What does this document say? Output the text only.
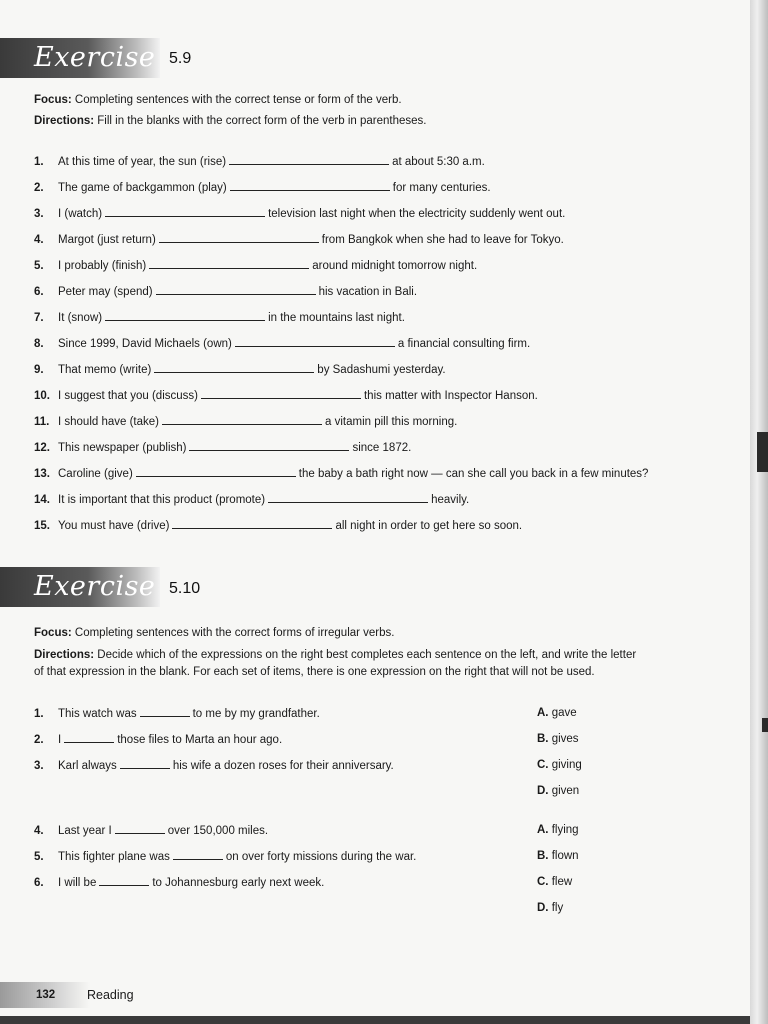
Exercise 5.9
Focus: Completing sentences with the correct tense or form of the verb.
Directions: Fill in the blanks with the correct form of the verb in parentheses.
1. At this time of year, the sun (rise)	at about 5:30 a.m.
2. The game of backgammon (play)	for many centuries.
3. I (watch)	television last night when the electricity suddenly went out.
4. Margot (just return)	from Bangkok when she had to leave for Tokyo.
5. I probably (finish)	around midnight tomorrow night.
6. Peter may (spend)	his vacation in Bali.
7. It (snow)	in the mountains last night.
8. Since 1999, David Michaels (own)	a financial consulting firm.
9. That memo (write)	by Sadashumi yesterday.
10. I suggest that you (discuss)	this matter with Inspector Hanson.
11. I should have (take)	a vitamin pill this morning.
12. This newspaper (publish)	since 1872.
13. Caroline (give)	the baby a bath right now — can she call you back in a few minutes?
14. It is important that this product (promote)	heavily.
15. You must have (drive)	all night in order to get here so soon.
Exercise 5.10
Focus: Completing sentences with the correct forms of irregular verbs.
Directions: Decide which of the expressions on the right best completes each sentence on the left, and write the letter
of that expression in the blank. For each set of items, there is one expression on the right that will not be used.
1. This watch was	to me by my grandfather.
2. I	those files to Marta an hour ago.
3. Karl always	his wife a dozen roses for their anniversary.
A. gave
B. gives
C. giving
D. given
4. Last year I	over 150,000 miles.
5. This fighter plane was	on over forty missions during the war.
6. I will be	to Johannesburg early next week.
A. flying
B. flown
C. flew
D. fly
132	Reading
